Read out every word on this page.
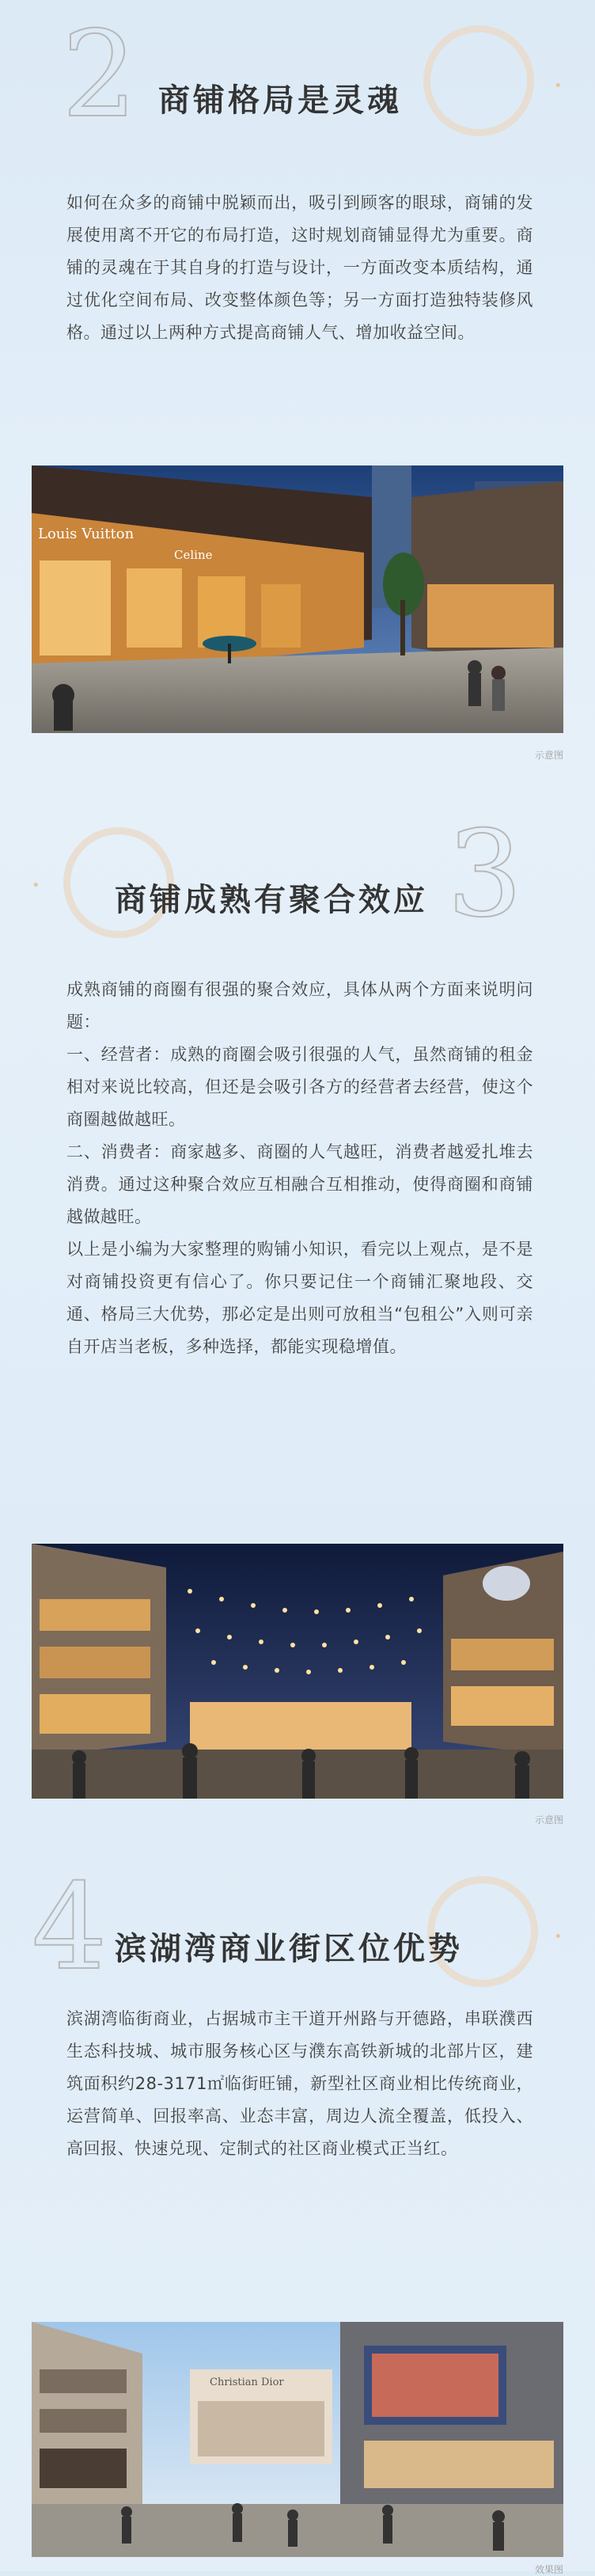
2	•
商铺格局是灵魂

如何在众多的商铺中脱颖而出，吸引到顾客的眼球，商铺的发展使用离不开它的布局打造，这时规划商铺显得尤为重要。商铺的灵魂在于其自身的打造与设计，一方面改变本质结构，通过优化空间布局、改变整体颜色等；另一方面打造独特装修风格。通过以上两种方式提高商铺人气、增加收益空间。

Louis Vuitton
Celine
示意图
•	3
商铺成熟有聚合效应

成熟商铺的商圈有很强的聚合效应，具体从两个方面来说明问题：

一、经营者：成熟的商圈会吸引很强的人气，虽然商铺的租金相对来说比较高，但还是会吸引各方的经营者去经营，使这个商圈越做越旺。

二、消费者：商家越多、商圈的人气越旺，消费者越爱扎堆去消费。通过这种聚合效应互相融合互相推动，使得商圈和商铺越做越旺。

以上是小编为大家整理的购铺小知识，看完以上观点，是不是对商铺投资更有信心了。你只要记住一个商铺汇聚地段、交通、格局三大优势，那必定是出则可放租当“包租公”入则可亲自开店当老板，多种选择，都能实现稳增值。

示意图
4	•
滨湖湾商业街区位优势

滨湖湾临街商业，占据城市主干道开州路与开德路，串联濮西生态科技城、城市服务核心区与濮东高铁新城的北部片区，建筑面积约28-3171㎡临街旺铺，新型社区商业相比传统商业，运营简单、回报率高、业态丰富，周边人流全覆盖，低投入、高回报、快速兑现、定制式的社区商业模式正当红。

Christian Dior
效果图
